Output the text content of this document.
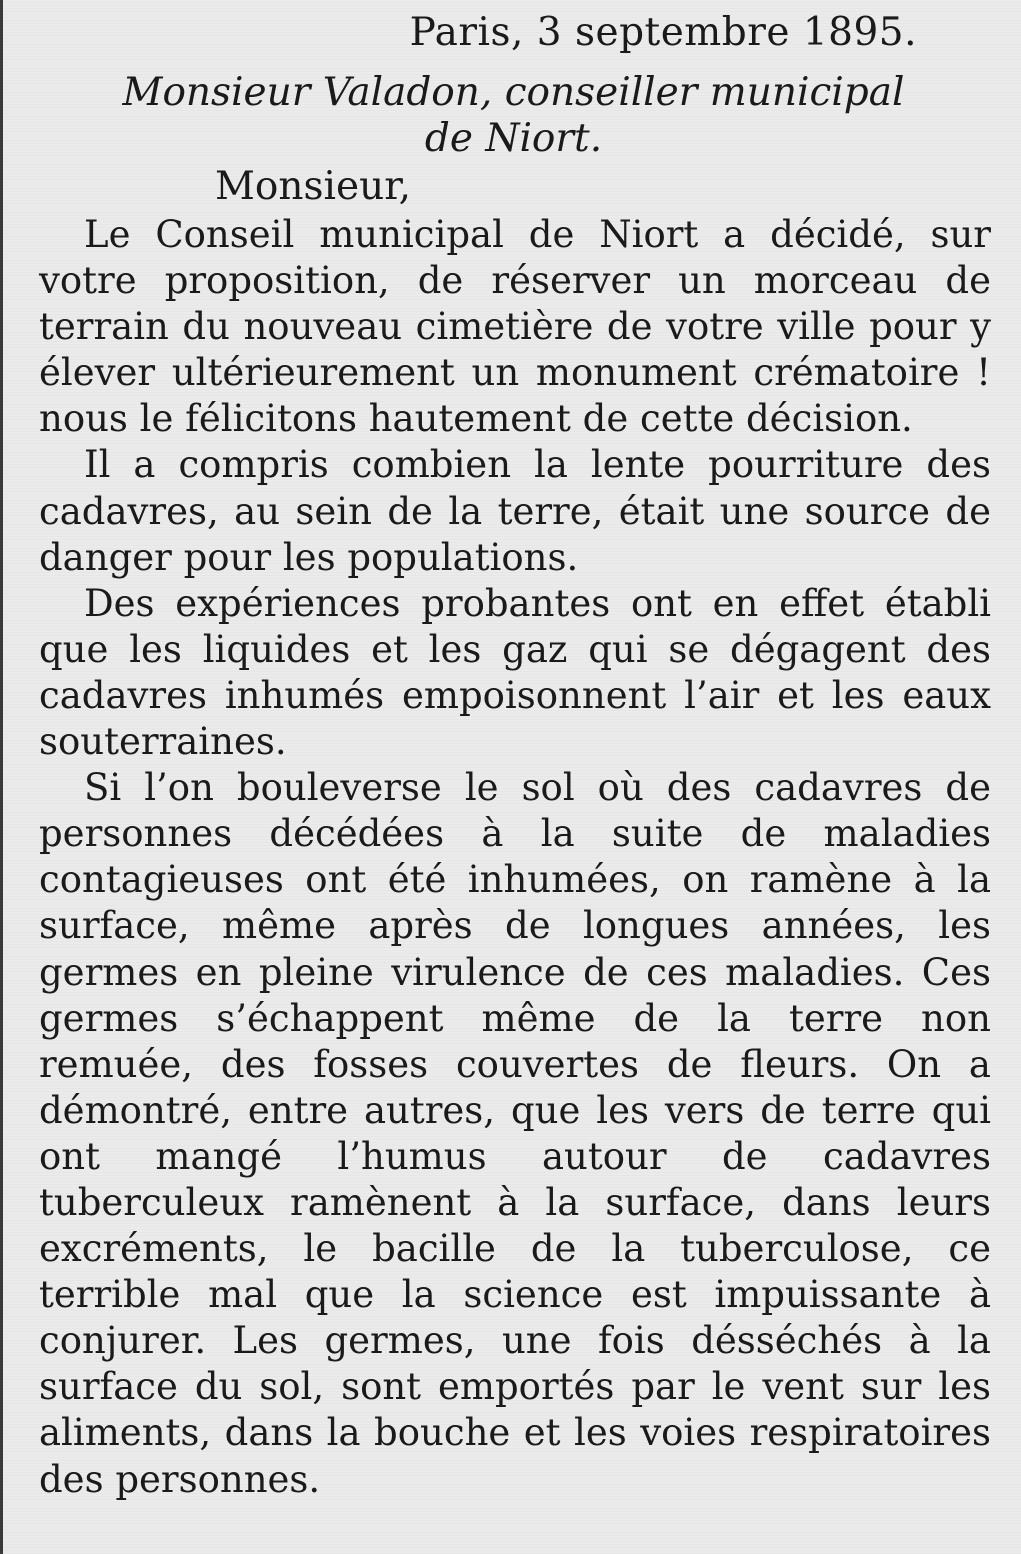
Paris, 3 septembre 1895.
Monsieur Valadon, conseiller municipal
de Niort.
Monsieur,

Le Conseil municipal de Niort a décidé, sur votre proposition, de réserver un morceau de terrain du nouveau cimetière de votre ville pour y élever ultérieurement un monument crématoire ! nous le félicitons hautement de cette décision.

Il a compris combien la lente pourriture des cadavres, au sein de la terre, était une source de danger pour les populations.

Des expériences probantes ont en effet établi que les liquides et les gaz qui se dégagent des cadavres inhumés empoisonnent l’air et les eaux souterraines.

Si l’on bouleverse le sol où des cadavres de personnes décédées à la suite de maladies contagieuses ont été inhumées, on ramène à la surface, même après de longues années, les germes en pleine virulence de ces maladies. Ces germes s’échappent même de la terre non remuée, des fosses couvertes de fleurs. On a démontré, entre autres, que les vers de terre qui ont mangé l’humus autour de cadavres tuberculeux ramènent à la surface, dans leurs excréments, le bacille de la tuberculose, ce terrible mal que la science est impuissante à conjurer. Les germes, une fois désséchés à la surface du sol, sont emportés par le vent sur les aliments, dans la bouche et les voies respiratoires des personnes.
